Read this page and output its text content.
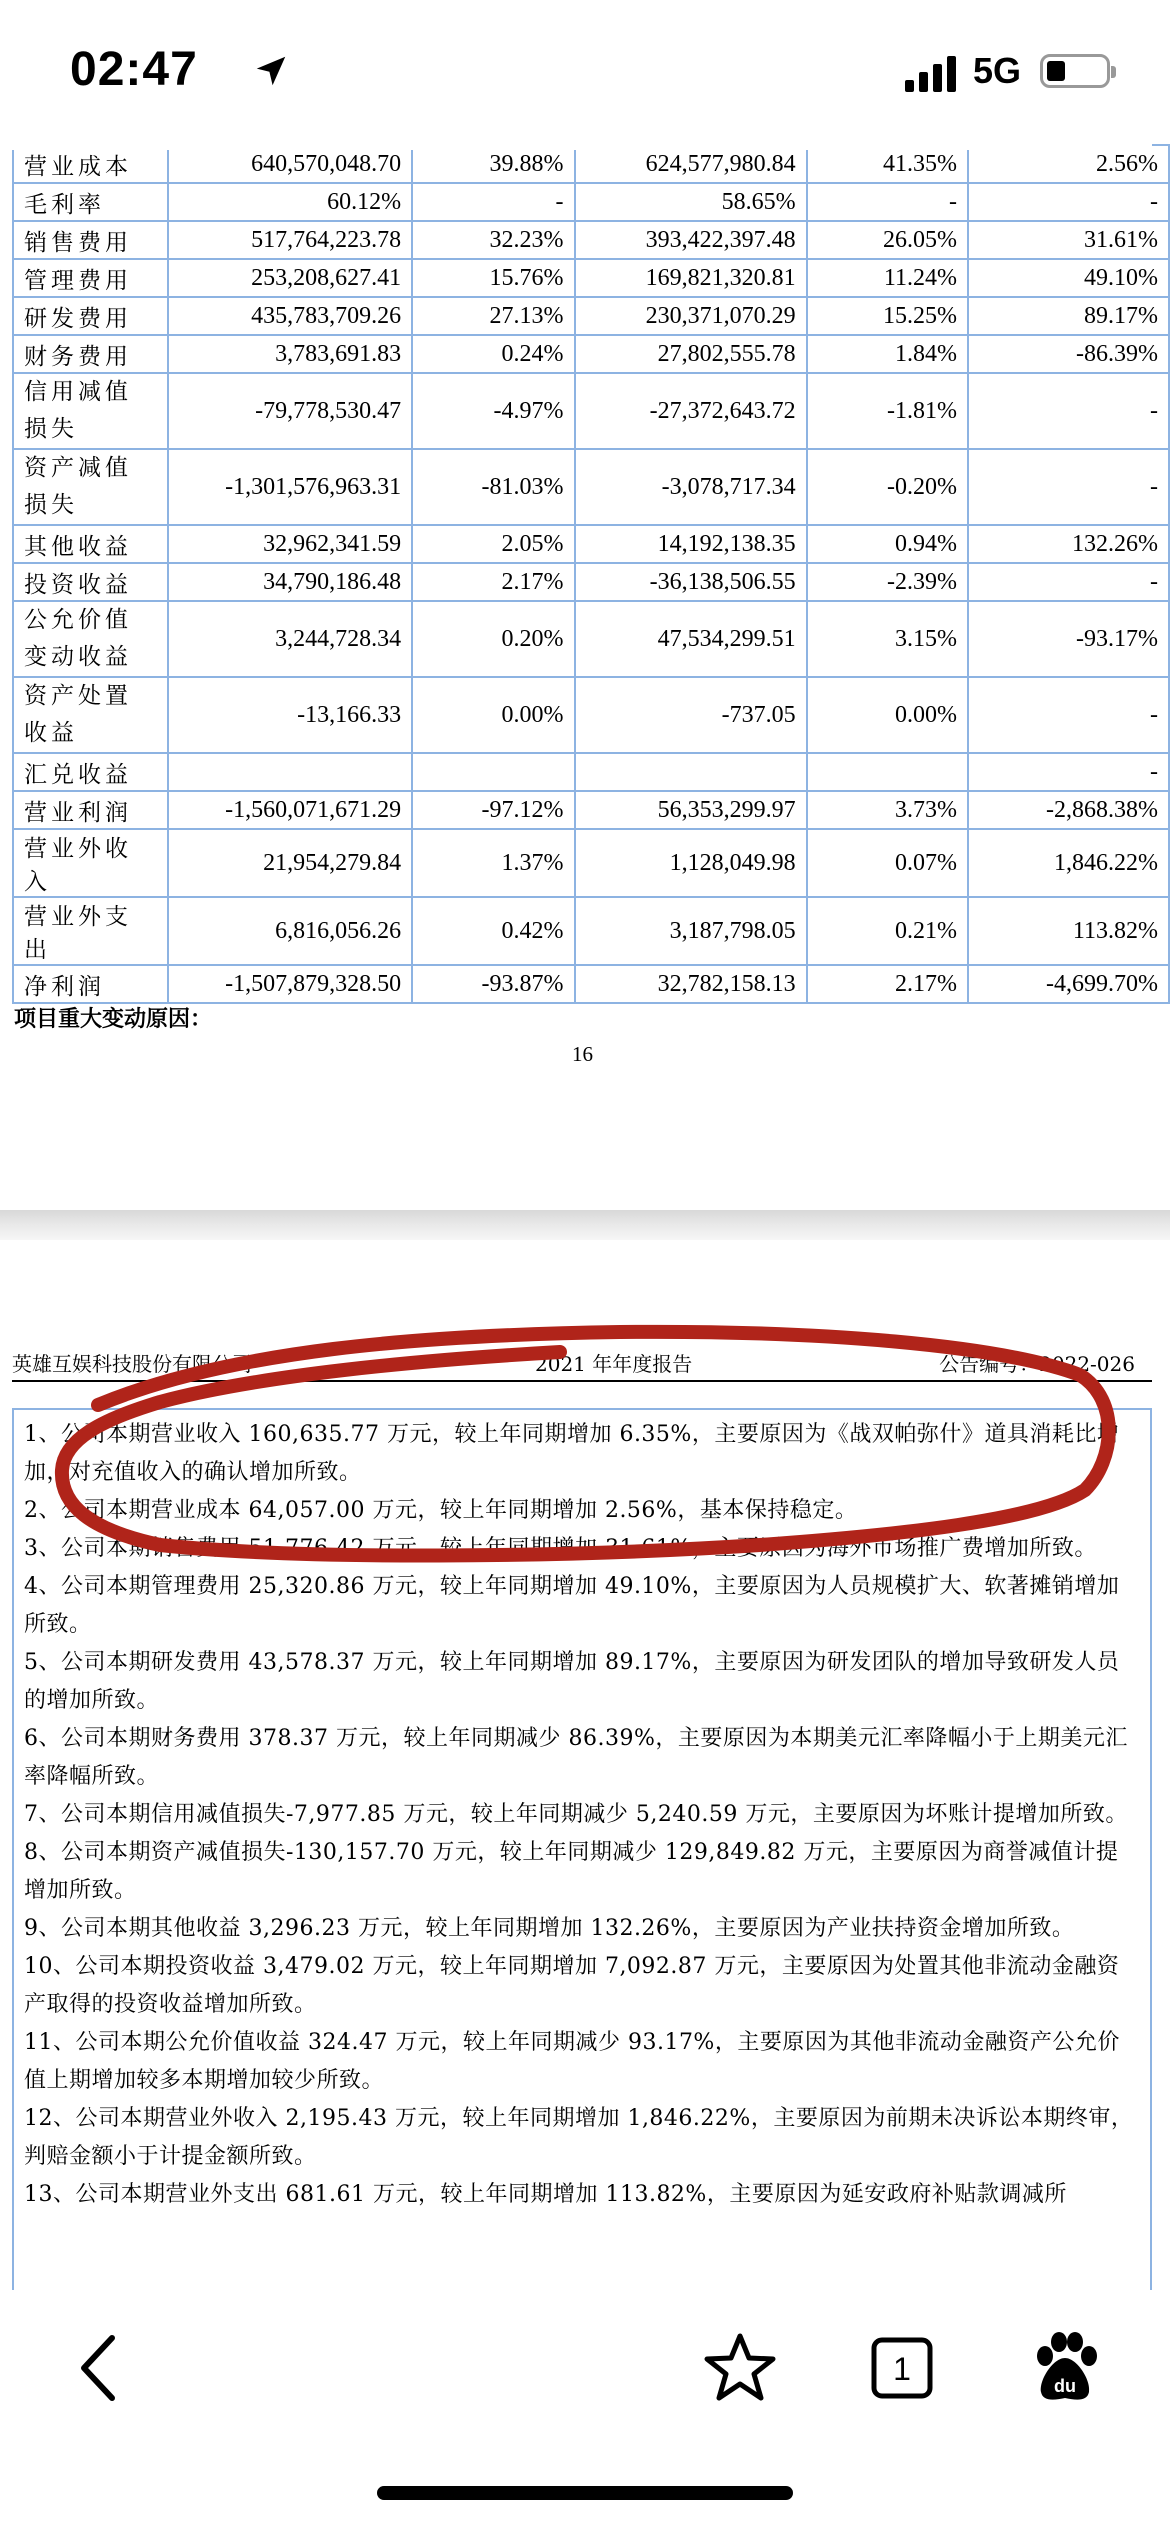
02:47	5G
营业成本	640,570,048.70	39.88%	624,577,980.84	41.35%	2.56%
毛利率	60.12%	-	58.65%	-	-
销售费用	517,764,223.78	32.23%	393,422,397.48	26.05%	31.61%
管理费用	253,208,627.41	15.76%	169,821,320.81	11.24%	49.10%
研发费用	435,783,709.26	27.13%	230,371,070.29	15.25%	89.17%
财务费用	3,783,691.83	0.24%	27,802,555.78	1.84%	-86.39%
信用减值损失	-79,778,530.47	-4.97%	-27,372,643.72	-1.81%	-
资产减值损失	-1,301,576,963.31	-81.03%	-3,078,717.34	-0.20%	-
其他收益	32,962,341.59	2.05%	14,192,138.35	0.94%	132.26%
投资收益	34,790,186.48	2.17%	-36,138,506.55	-2.39%	-
公允价值变动收益	3,244,728.34	0.20%	47,534,299.51	3.15%	-93.17%
资产处置收益	-13,166.33	0.00%	-737.05	0.00%	-
汇兑收益					-
营业利润	-1,560,071,671.29	-97.12%	56,353,299.97	3.73%	-2,868.38%
营业外收入	21,954,279.84	1.37%	1,128,049.98	0.07%	1,846.22%
营业外支出	6,816,056.26	0.42%	3,187,798.05	0.21%	113.82%
净利润	-1,507,879,328.50	-93.87%	32,782,158.13	2.17%	-4,699.70%
项目重大变动原因：
16
英雄互娱科技股份有限公司	2021 年年度报告	公告编号：2022-026
1、公司本期营业收入 160,635.77 万元，较上年同期增加 6.35%，主要原因为《战双帕弥什》道具消耗比增加，对充值收入的确认增加所致。
2、公司本期营业成本 64,057.00 万元，较上年同期增加 2.56%，基本保持稳定。
3、公司本期销售费用 51,776.42 万元，较上年同期增加 31.61%，主要原因为海外市场推广费增加所致。
4、公司本期管理费用 25,320.86 万元，较上年同期增加 49.10%，主要原因为人员规模扩大、软著摊销增加所致。
5、公司本期研发费用 43,578.37 万元，较上年同期增加 89.17%，主要原因为研发团队的增加导致研发人员的增加所致。
6、公司本期财务费用 378.37 万元，较上年同期减少 86.39%，主要原因为本期美元汇率降幅小于上期美元汇率降幅所致。
7、公司本期信用减值损失-7,977.85 万元，较上年同期减少 5,240.59 万元，主要原因为坏账计提增加所致。
8、公司本期资产减值损失-130,157.70 万元，较上年同期减少 129,849.82 万元，主要原因为商誉减值计提增加所致。
9、公司本期其他收益 3,296.23 万元，较上年同期增加 132.26%，主要原因为产业扶持资金增加所致。
10、公司本期投资收益 3,479.02 万元，较上年同期增加 7,092.87 万元，主要原因为处置其他非流动金融资产取得的投资收益增加所致。
11、公司本期公允价值收益 324.47 万元，较上年同期减少 93.17%，主要原因为其他非流动金融资产公允价值上期增加较多本期增加较少所致。
12、公司本期营业外收入 2,195.43 万元，较上年同期增加 1,846.22%，主要原因为前期未决诉讼本期终审，判赔金额小于计提金额所致。
13、公司本期营业外支出 681.61 万元，较上年同期增加 113.82%，主要原因为延安政府补贴款调减所
1	du
